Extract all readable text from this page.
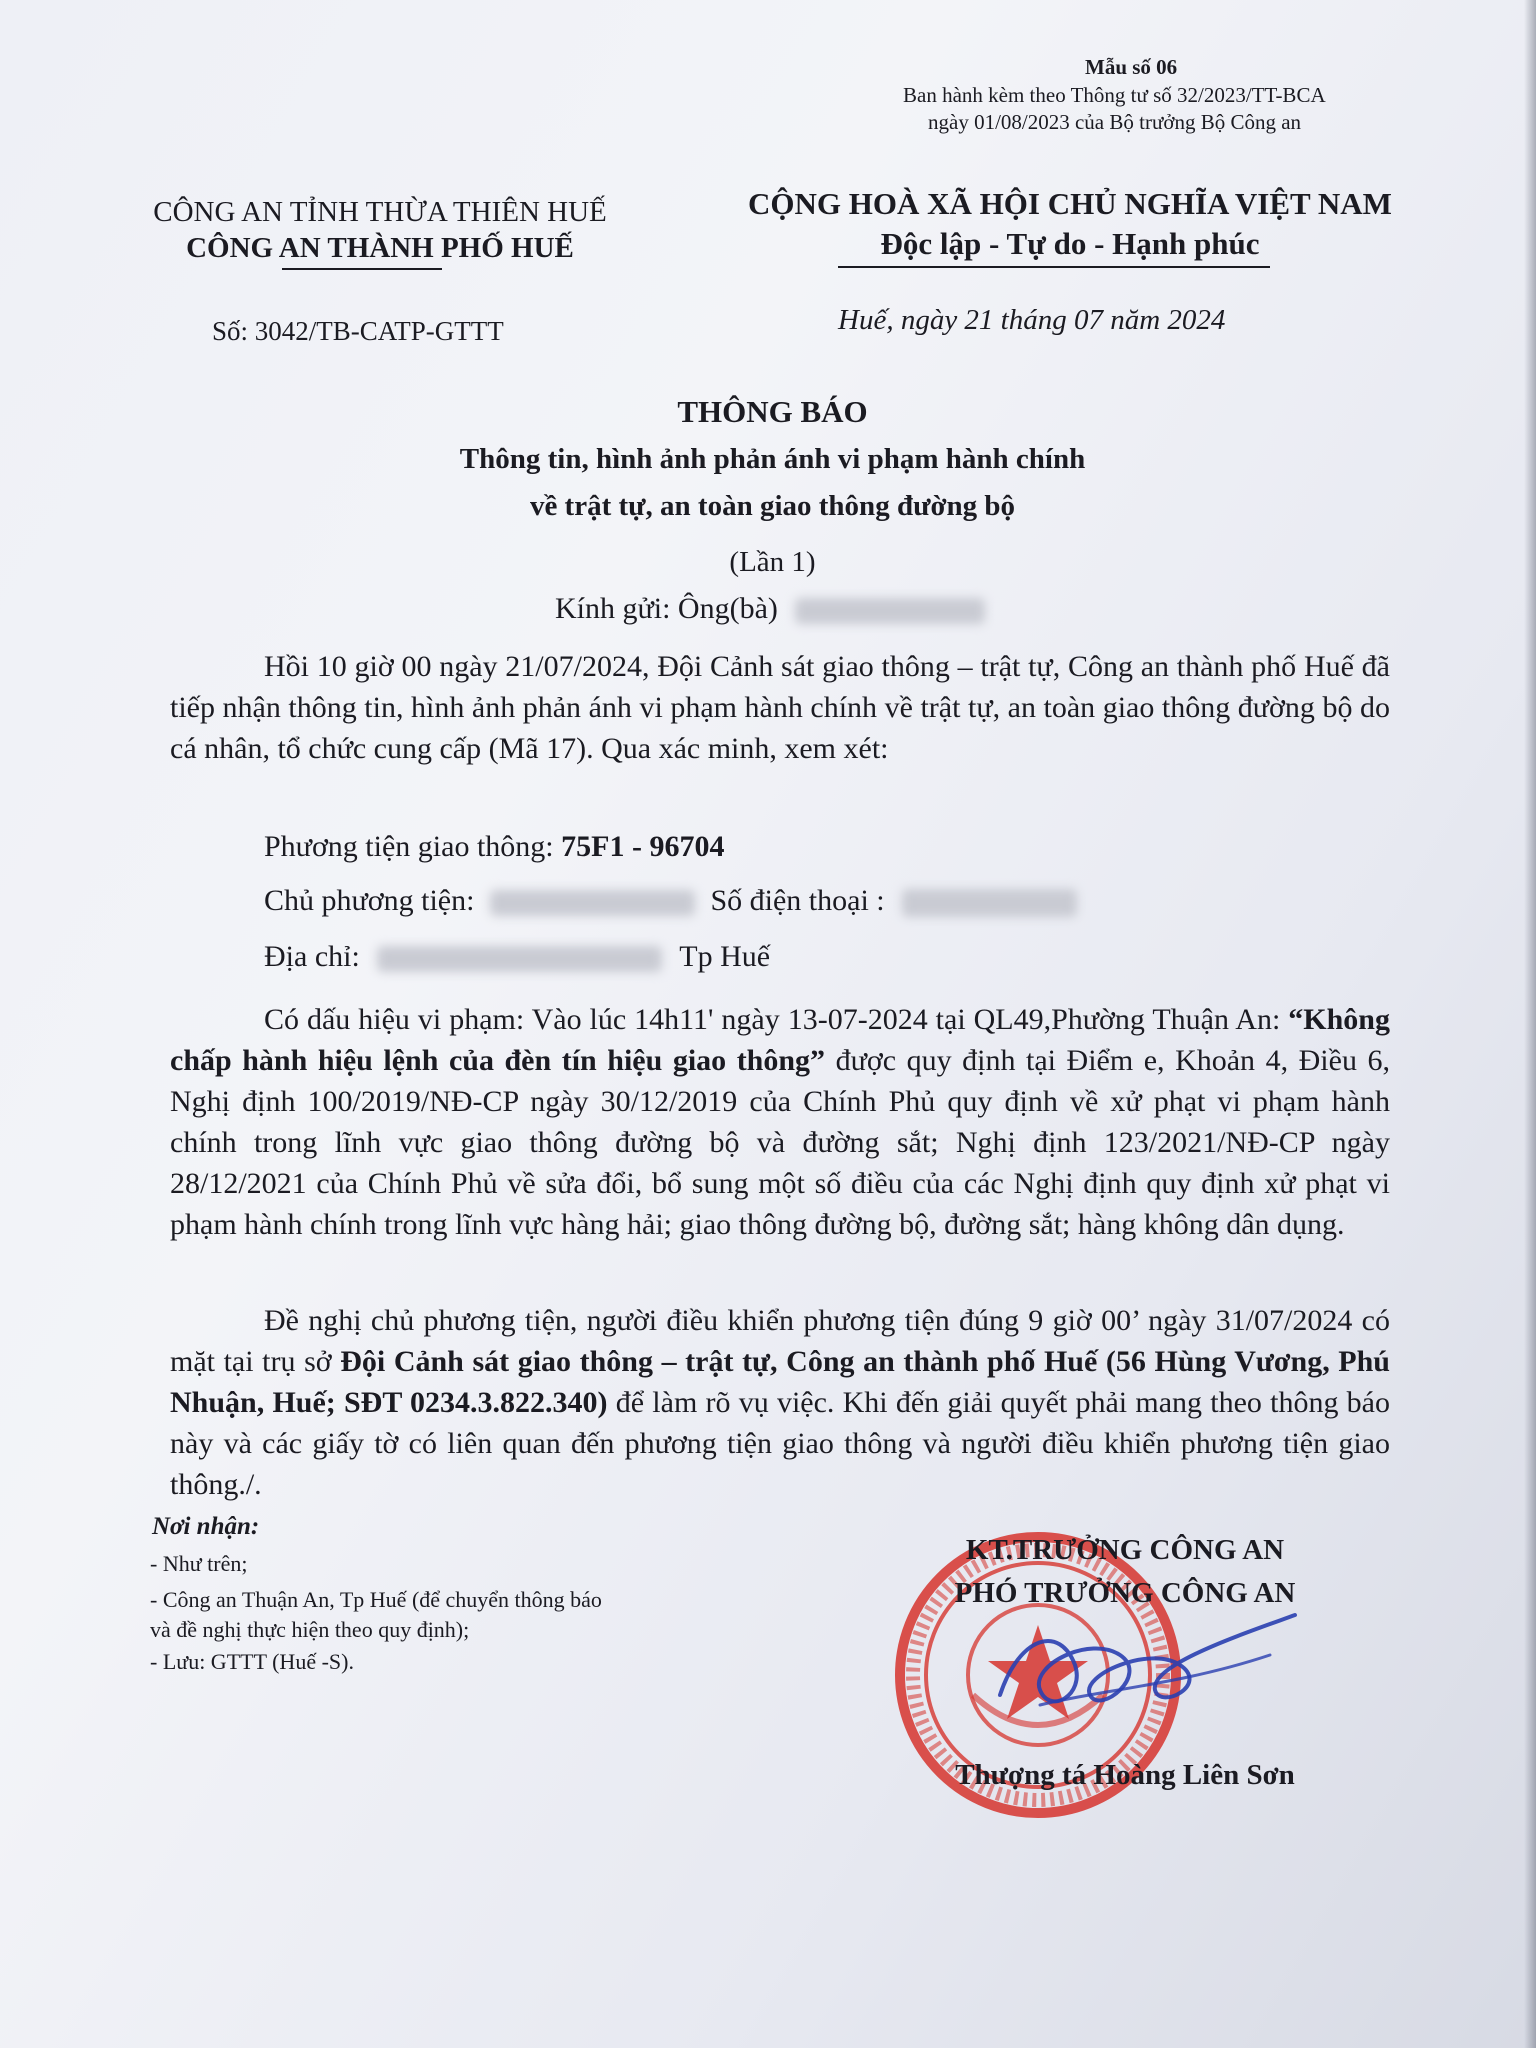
Mẫu số 06
Ban hành kèm theo Thông tư số 32/2023/TT-BCA
ngày 01/08/2023 của Bộ trưởng Bộ Công an
CÔNG AN TỈNH THỪA THIÊN HUẾ
CÔNG AN THÀNH PHỐ HUẾ
Số: 3042/TB-CATP-GTTT
CỘNG HOÀ XÃ HỘI CHỦ NGHĨA VIỆT NAM
Độc lập - Tự do - Hạnh phúc
Huế, ngày 21 tháng 07 năm 2024
THÔNG BÁO
Thông tin, hình ảnh phản ánh vi phạm hành chính
về trật tự, an toàn giao thông đường bộ
(Lần 1)
Kính gửi: Ông(bà)
Hồi 10 giờ 00 ngày 21/07/2024, Đội Cảnh sát giao thông – trật tự, Công an thành phố Huế đã tiếp nhận thông tin, hình ảnh phản ánh vi phạm hành chính về trật tự, an toàn giao thông đường bộ do cá nhân, tổ chức cung cấp (Mã 17). Qua xác minh, xem xét:
Phương tiện giao thông: 75F1 - 96704
Chủ phương tiện:	Số điện thoại :
Địa chỉ:	Tp Huế
Có dấu hiệu vi phạm: Vào lúc 14h11' ngày 13-07-2024 tại QL49,Phường Thuận An: “Không chấp hành hiệu lệnh của đèn tín hiệu giao thông” được quy định tại Điểm e, Khoản 4, Điều 6, Nghị định 100/2019/NĐ-CP ngày 30/12/2019 của Chính Phủ quy định về xử phạt vi phạm hành chính trong lĩnh vực giao thông đường bộ và đường sắt; Nghị định 123/2021/NĐ-CP ngày 28/12/2021 của Chính Phủ về sửa đổi, bổ sung một số điều của các Nghị định quy định xử phạt vi phạm hành chính trong lĩnh vực hàng hải; giao thông đường bộ, đường sắt; hàng không dân dụng.
Đề nghị chủ phương tiện, người điều khiển phương tiện đúng 9 giờ 00’ ngày 31/07/2024 có mặt tại trụ sở Đội Cảnh sát giao thông – trật tự, Công an thành phố Huế (56 Hùng Vương, Phú Nhuận, Huế; SĐT 0234.3.822.340) để làm rõ vụ việc. Khi đến giải quyết phải mang theo thông báo này và các giấy tờ có liên quan đến phương tiện giao thông và người điều khiển phương tiện giao thông./.
Nơi nhận:
- Như trên;
- Công an Thuận An, Tp Huế (để chuyển thông báo
và đề nghị thực hiện theo quy định);
- Lưu: GTTT (Huế -S).
KT.TRƯỞNG CÔNG AN
PHÓ TRƯỞNG CÔNG AN
Thượng tá Hoàng Liên Sơn
